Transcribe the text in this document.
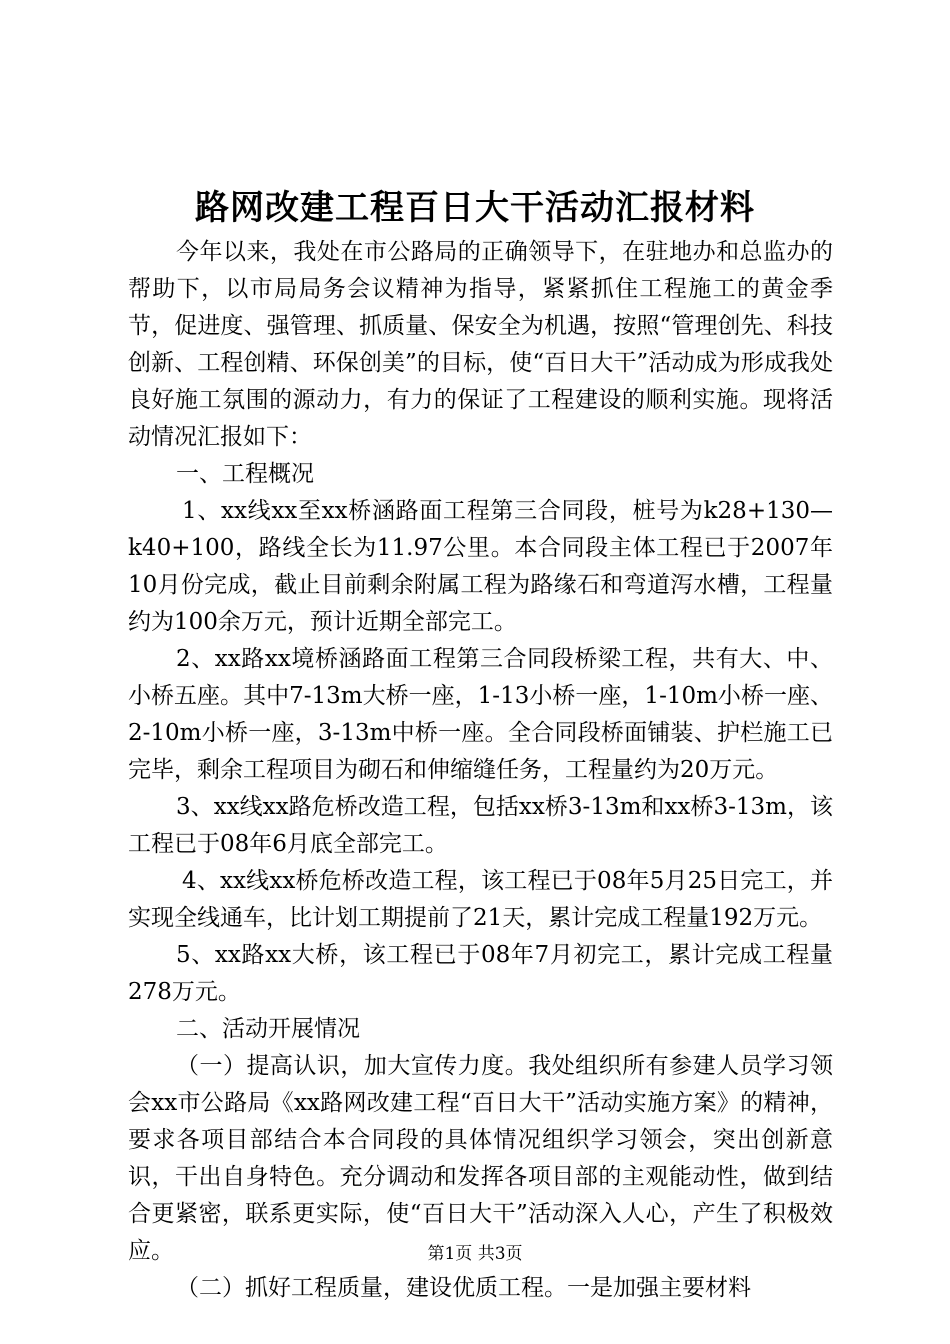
路网改建工程百日大干活动汇报材料

今年以来，我处在市公路局的正确领导下，在驻地办和总监办的帮助下，以市局局务会议精神为指导，紧紧抓住工程施工的黄金季节，促进度、强管理、抓质量、保安全为机遇，按照“管理创先、科技创新、工程创精、环保创美”的目标，使“百日大干”活动成为形成我处良好施工氛围的源动力，有力的保证了工程建设的顺利实施。现将活动情况汇报如下：

一、工程概况

1、xx线xx至xx桥涵路面工程第三合同段，桩号为k28+130—k40+100，路线全长为11.97公里。本合同段主体工程已于2007年10月份完成，截止目前剩余附属工程为路缘石和弯道泻水槽，工程量约为100余万元，预计近期全部完工。

2、xx路xx境桥涵路面工程第三合同段桥梁工程，共有大、中、小桥五座。其中7-13m大桥一座，1-13小桥一座，1-10m小桥一座、2-10m小桥一座，3-13m中桥一座。全合同段桥面铺装、护栏施工已完毕，剩余工程项目为砌石和伸缩缝任务，工程量约为20万元。

3、xx线xx路危桥改造工程，包括xx桥3-13m和xx桥3-13m，该工程已于08年6月底全部完工。

4、xx线xx桥危桥改造工程，该工程已于08年5月25日完工，并实现全线通车，比计划工期提前了21天，累计完成工程量192万元。

5、xx路xx大桥，该工程已于08年7月初完工，累计完成工程量278万元。

二、活动开展情况

（一）提高认识，加大宣传力度。我处组织所有参建人员学习领会xx市公路局《xx路网改建工程“百日大干”活动实施方案》的精神，要求各项目部结合本合同段的具体情况组织学习领会，突出创新意识，干出自身特色。充分调动和发挥各项目部的主观能动性，做到结合更紧密，联系更实际，使“百日大干”活动深入人心，产生了积极效应。

（二）抓好工程质量，建设优质工程。一是加强主要材料

第1页 共3页
